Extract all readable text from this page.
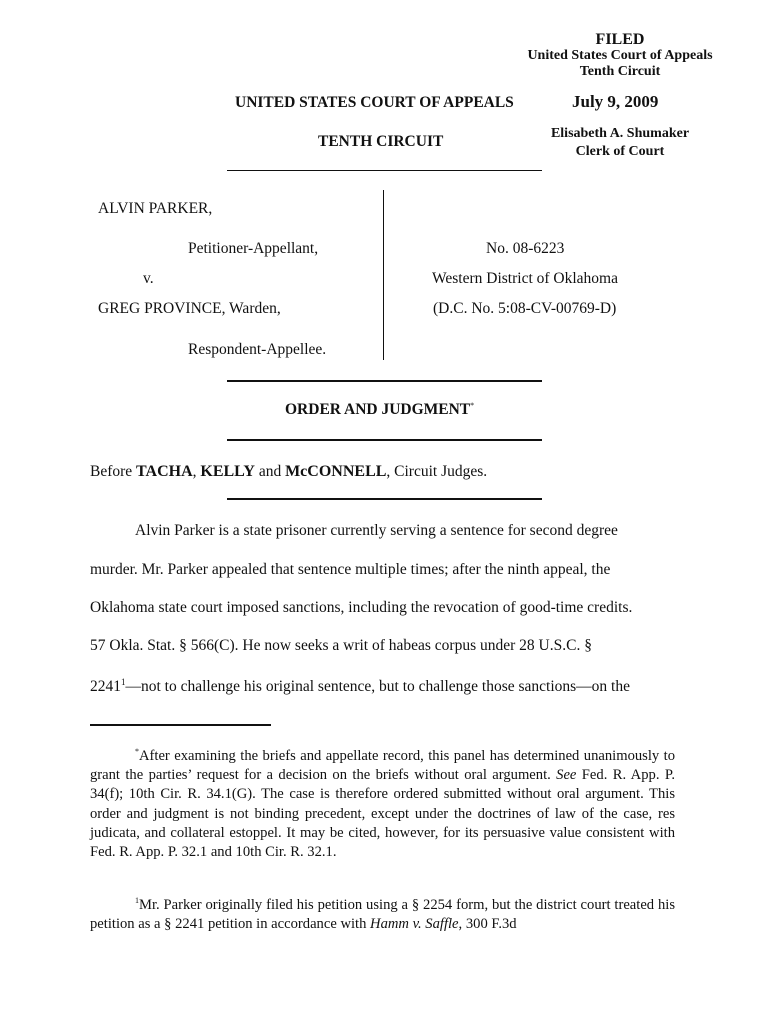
FILED
United States Court of Appeals
Tenth Circuit
July 9, 2009
Elisabeth A. Shumaker
Clerk of Court
UNITED STATES COURT OF APPEALS
TENTH CIRCUIT
ALVIN PARKER,
Petitioner-Appellant,
v.
GREG PROVINCE, Warden,
Respondent-Appellee.
No. 08-6223
Western District of Oklahoma
(D.C. No. 5:08-CV-00769-D)
ORDER AND JUDGMENT*
Before TACHA, KELLY and McCONNELL, Circuit Judges.
Alvin Parker is a state prisoner currently serving a sentence for second degree
murder. Mr. Parker appealed that sentence multiple times; after the ninth appeal, the
Oklahoma state court imposed sanctions, including the revocation of good-time credits.
57 Okla. Stat. § 566(C). He now seeks a writ of habeas corpus under 28 U.S.C. §
2241$^1$—not to challenge his original sentence, but to challenge those sanctions—on the
*After examining the briefs and appellate record, this panel has determined unanimously to grant the parties’ request for a decision on the briefs without oral argument. See Fed. R. App. P. 34(f); 10th Cir. R. 34.1(G). The case is therefore ordered submitted without oral argument. This order and judgment is not binding precedent, except under the doctrines of law of the case, res judicata, and collateral estoppel. It may be cited, however, for its persuasive value consistent with Fed. R. App. P. 32.1 and 10th Cir. R. 32.1.
$^1$Mr. Parker originally filed his petition using a § 2254 form, but the district court treated his petition as a § 2241 petition in accordance with Hamm v. Saffle, 300 F.3d
